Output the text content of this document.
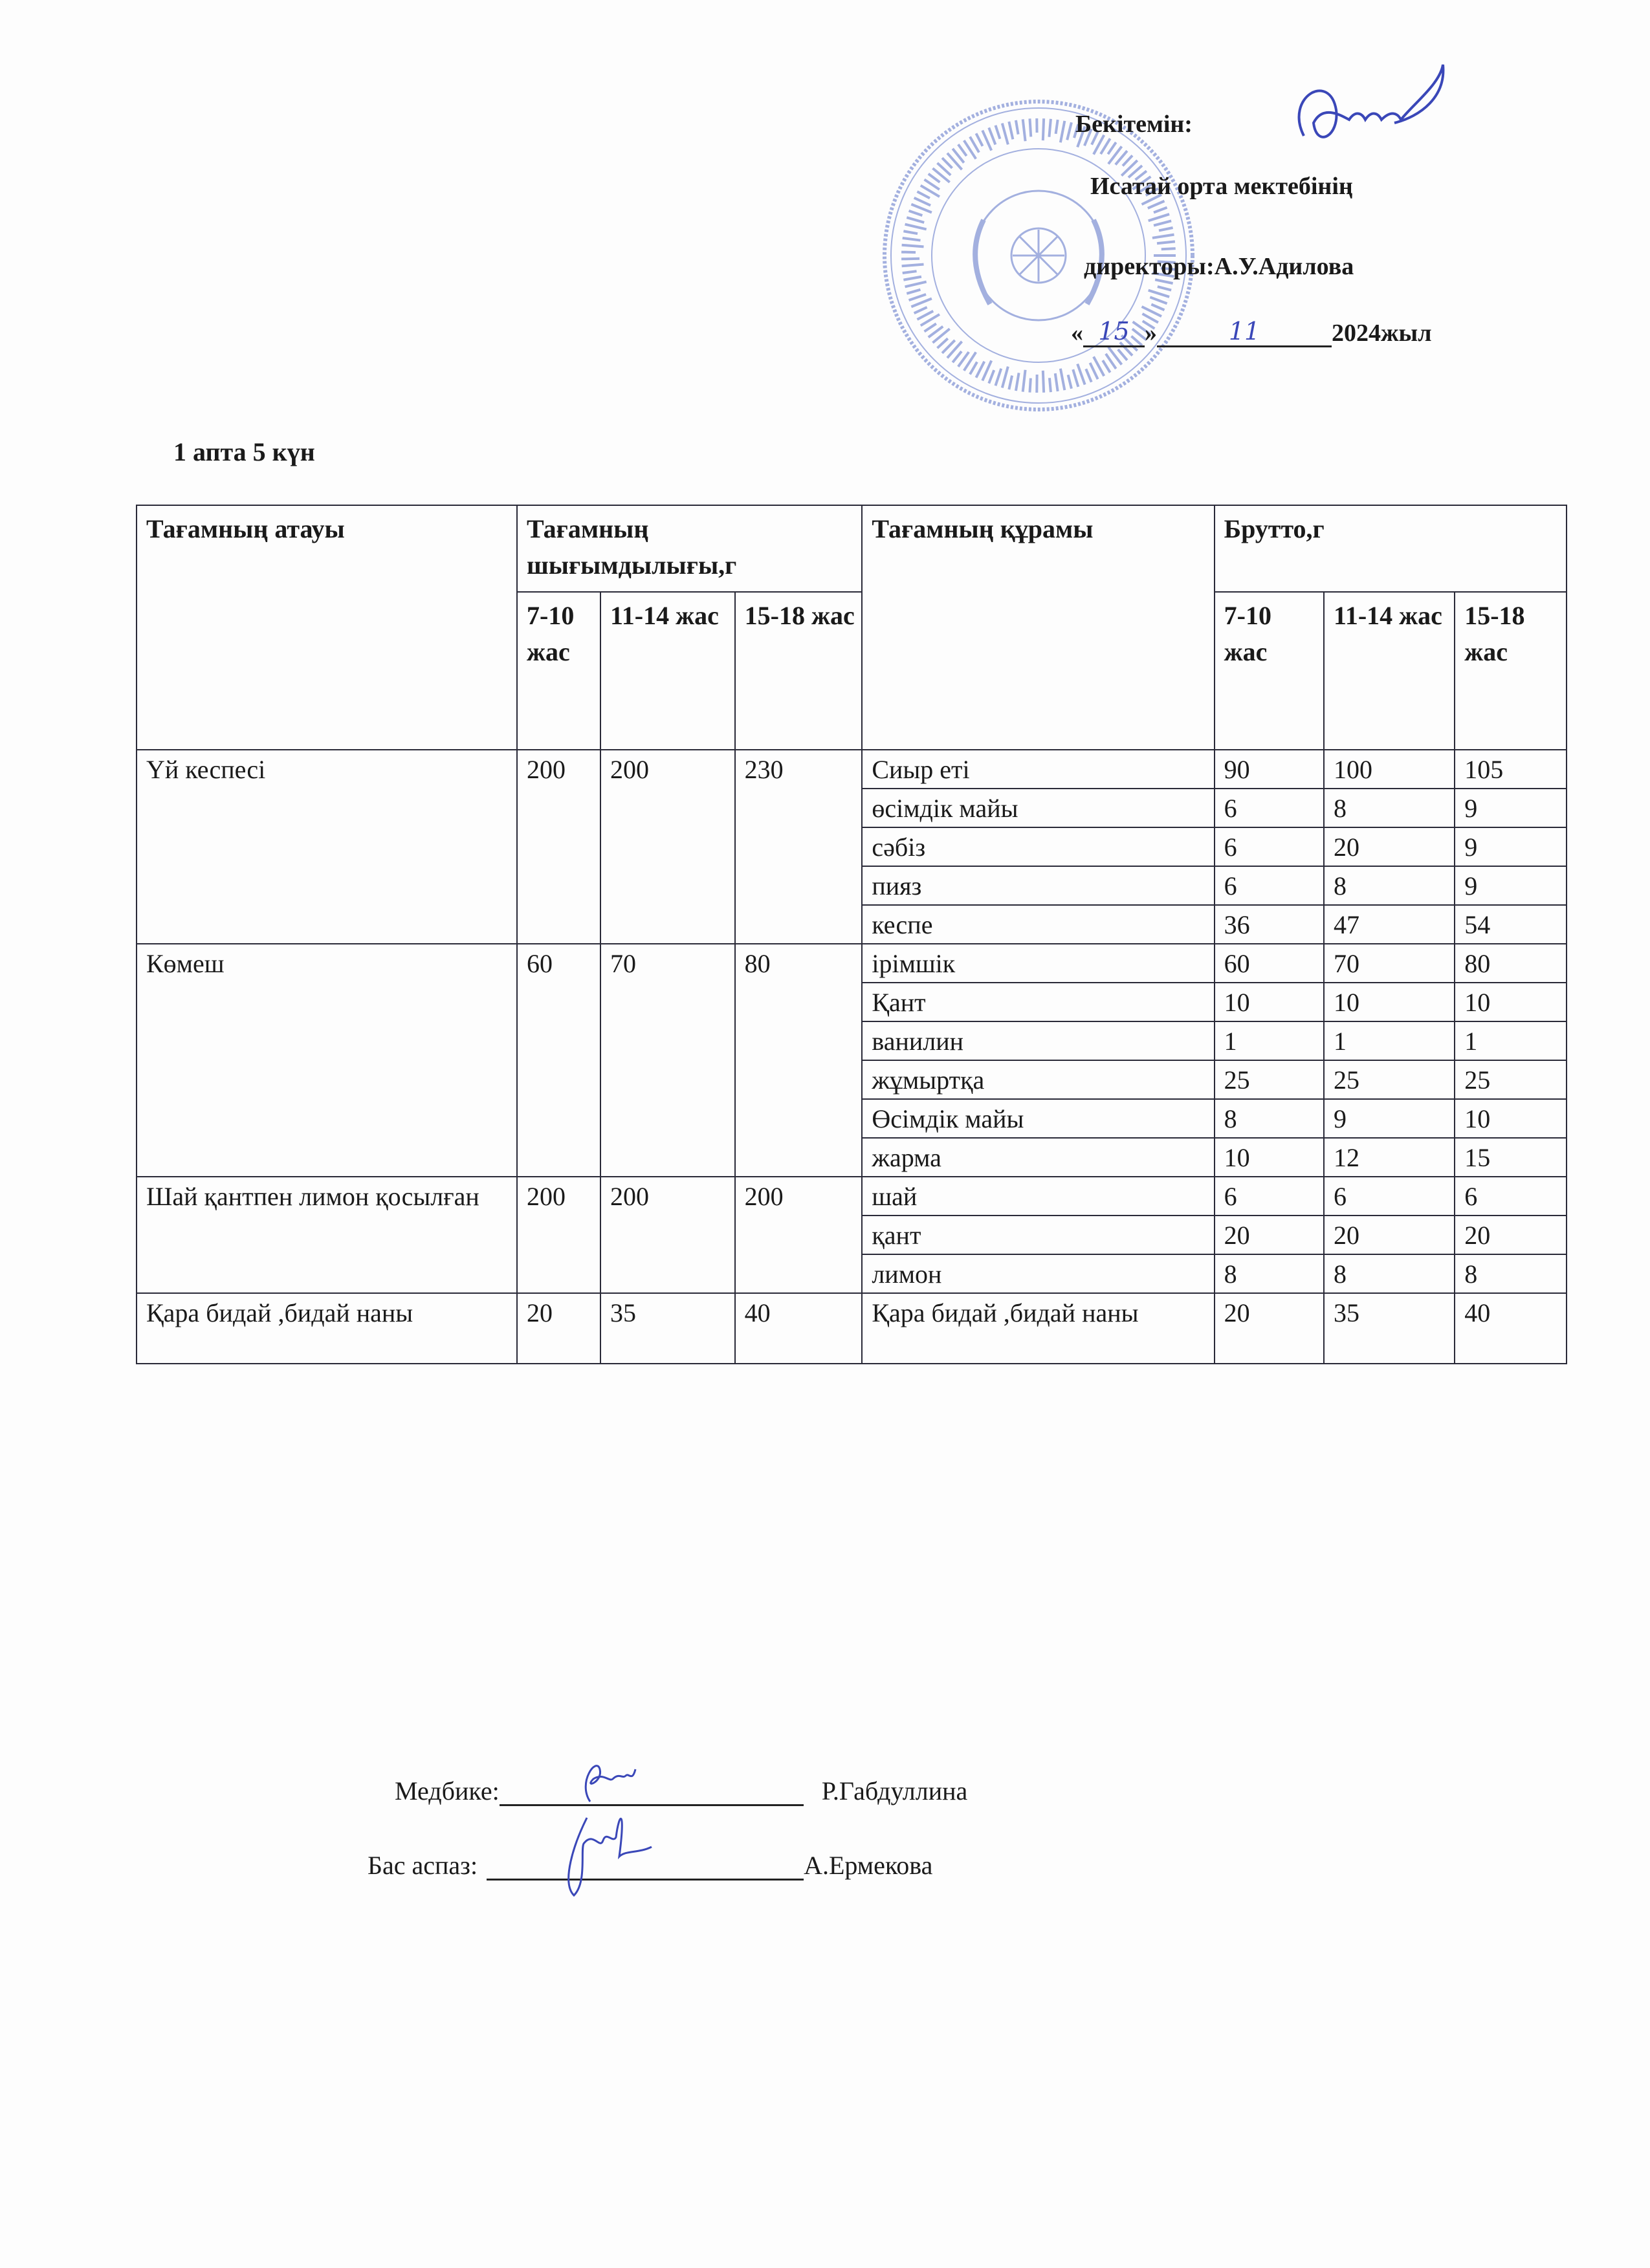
Бекітемін:
Исатай орта мектебінің
директоры:А.У.Адилова
« 15 »	11	2024жыл
1 апта 5 күн
Тағамның атауы	Тағамның шығымдылығы,г			Тағамның құрамы	Брутто,г		
	7-10 жас	11-14 жас	15-18 жас		7-10 жас	11-14 жас	15-18 жас
Үй кеспесі	200	200	230	Сиыр еті	90	100	105
				өсімдік майы	6	8	9
				сәбіз	6	20	9
				пияз	6	8	9
				кеспе	36	47	54
Көмеш	60	70	80	ірімшік	60	70	80
				Қант	10	10	10
				ванилин	1	1	1
				жұмыртқа	25	25	25
				Өсімдік майы	8	9	10
				жарма	10	12	15
Шай қантпен лимон қосылған	200	200	200	шай	6	6	6
				қант	20	20	20
				лимон	8	8	8
Қара бидай ,бидай наны	20	35	40	Қара бидай ,бидай наны	20	35	40
Медбике:	Р.Габдуллина
Бас аспаз:	А.Ермекова
